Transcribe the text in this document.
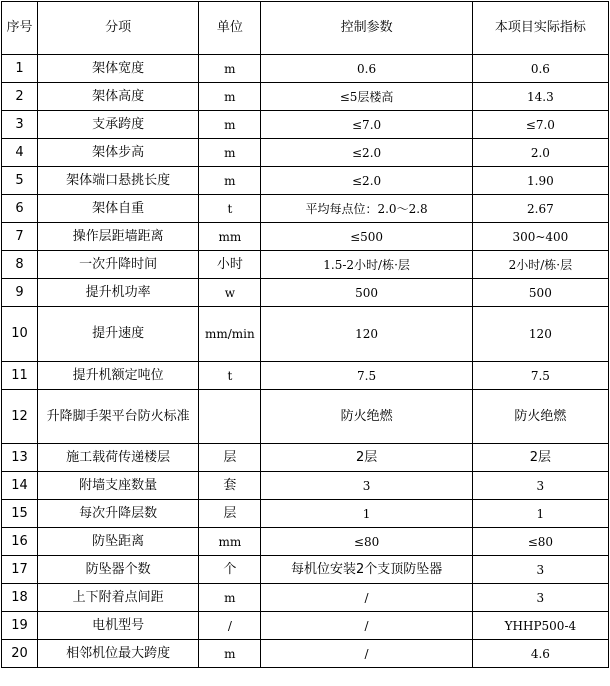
序号	分项	单位	控制参数	本项目实际指标
1	架体宽度	m	0.6	0.6
2	架体高度	m	≤5层楼高	14.3
3	支承跨度	m	≤7.0	≤7.0
4	架体步高	m	≤2.0	2.0
5	架体端口悬挑长度	m	≤2.0	1.90
6	架体自重	t	平均每点位：2.0～2.8	2.67
7	操作层距墙距离	mm	≤500	300~400
8	一次升降时间	小时	1.5-2小时/栋·层	2小时/栋·层
9	提升机功率	w	500	500
10	提升速度	mm/min	120	120
11	提升机额定吨位	t	7.5	7.5
12	升降脚手架平台防火标准		防火绝燃	防火绝燃
13	施工载荷传递楼层	层	2层	2层
14	附墙支座数量	套	3	3
15	每次升降层数	层	1	1
16	防坠距离	mm	≤80	≤80
17	防坠器个数	个	每机位安装2个支顶防坠器	3
18	上下附着点间距	m	/	3
19	电机型号	/	/	YHHP500-4
20	相邻机位最大跨度	m	/	4.6
